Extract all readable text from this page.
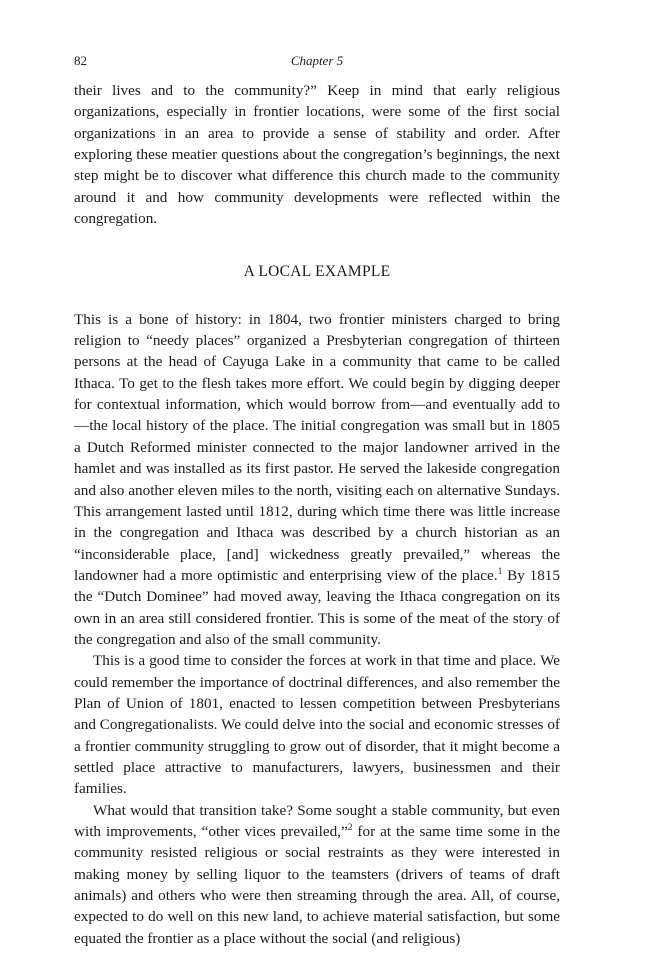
82	Chapter 5

their lives and to the community?” Keep in mind that early religious organizations, especially in frontier locations, were some of the first social organizations in an area to provide a sense of stability and order. After exploring these meatier questions about the congregation’s beginnings, the next step might be to discover what difference this church made to the community around it and how community developments were reflected within the congregation.

A LOCAL EXAMPLE

This is a bone of history: in 1804, two frontier ministers charged to bring religion to “needy places” organized a Presbyterian congregation of thirteen persons at the head of Cayuga Lake in a community that came to be called Ithaca. To get to the flesh takes more effort. We could begin by digging deeper for contextual information, which would borrow from—and eventually add to—the local history of the place. The initial congregation was small but in 1805 a Dutch Reformed minister connected to the major landowner arrived in the hamlet and was installed as its first pastor. He served the lakeside congregation and also another eleven miles to the north, visiting each on alternative Sundays. This arrangement lasted until 1812, during which time there was little increase in the congregation and Ithaca was described by a church historian as an “inconsiderable place, [and] wickedness greatly prevailed,” whereas the landowner had a more optimistic and enterprising view of the place.$^1$ By 1815 the “Dutch Dominee” had moved away, leaving the Ithaca congregation on its own in an area still considered frontier. This is some of the meat of the story of the congregation and also of the small community.

This is a good time to consider the forces at work in that time and place. We could remember the importance of doctrinal differences, and also remember the Plan of Union of 1801, enacted to lessen competition between Presbyterians and Congregationalists. We could delve into the social and economic stresses of a frontier community struggling to grow out of disorder, that it might become a settled place attractive to manufacturers, lawyers, businessmen and their families.

What would that transition take? Some sought a stable community, but even with improvements, “other vices prevailed,”$^2$ for at the same time some in the community resisted religious or social restraints as they were interested in making money by selling liquor to the teamsters (drivers of teams of draft animals) and others who were then streaming through the area. All, of course, expected to do well on this new land, to achieve material satisfaction, but some equated the frontier as a place without the social (and religious)
